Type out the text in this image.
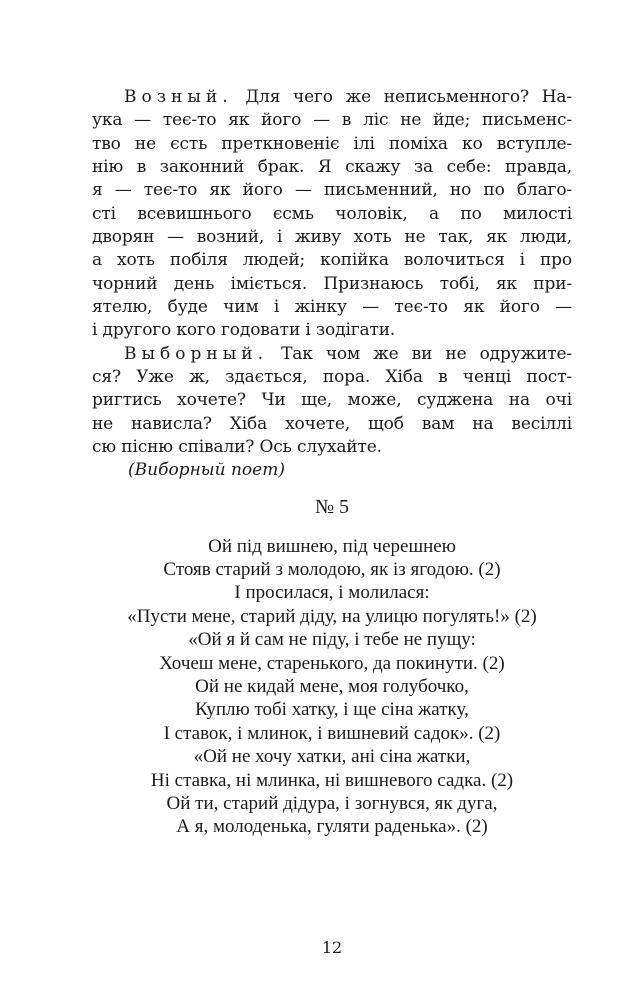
Возный. Для чего же неписьменного? На-
ука — теє-то як його — в ліс не йде; письменс-
тво не єсть преткновеніє ілі поміха ко вступле-
нію в законний брак. Я скажу за себе: правда,
я — теє-то як його — письменний, но по благо-
сті всевишнього єсмь чоловік, а по милості
дворян — возний, і живу хоть не так, як люди,
а хоть побіля людей; копійка волочиться і про
чорний день іміється. Признаюсь тобі, як при-
ятелю, буде чим і жінку — теє-то як його —
і другого кого годовати і зодігати.
Выборный. Так чом же ви не одружите-
ся? Уже ж, здається, пора. Хіба в ченці пост-
ригтись хочете? Чи ще, може, суджена на очі
не нависла? Хіба хочете, щоб вам на весіллі
сю пісню співали? Ось слухайте.

(Виборный поет)

№ 5
Ой під вишнею, під черешнею
Стояв старий з молодою, як із ягодою. (2)
І просилася, і молилася:
«Пусти мене, старий діду, на улицю погулять!» (2)
«Ой я й сам не піду, і тебе не пущу:
Хочеш мене, старенького, да покинути. (2)
Ой не кидай мене, моя голубочко,
Куплю тобі хатку, і ще сіна жатку,
І ставок, і млинок, і вишневий садок». (2)
«Ой не хочу хатки, ані сіна жатки,
Ні ставка, ні млинка, ні вишневого садка. (2)
Ой ти, старий дідура, і зогнувся, як дуга,
А я, молоденька, гуляти раденька». (2)
12
